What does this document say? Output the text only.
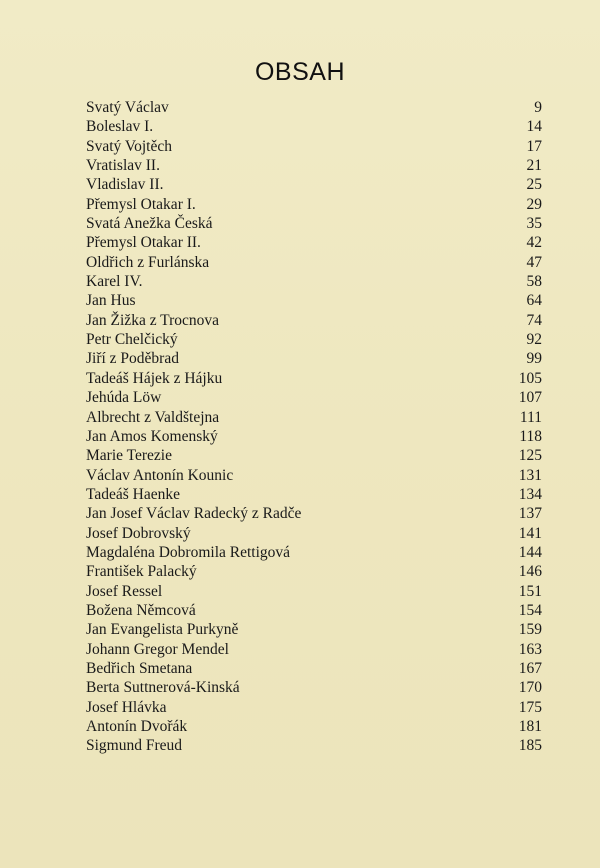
OBSAH
Svatý Václav	9
Boleslav I.	14
Svatý Vojtěch	17
Vratislav II.	21
Vladislav II.	25
Přemysl Otakar I.	29
Svatá Anežka Česká	35
Přemysl Otakar II.	42
Oldřich z Furlánska	47
Karel IV.	58
Jan Hus	64
Jan Žižka z Trocnova	74
Petr Chelčický	92
Jiří z Poděbrad	99
Tadeáš Hájek z Hájku	105
Jehúda Löw	107
Albrecht z Valdštejna	111
Jan Amos Komenský	118
Marie Terezie	125
Václav Antonín Kounic	131
Tadeáš Haenke	134
Jan Josef Václav Radecký z Radče	137
Josef Dobrovský	141
Magdaléna Dobromila Rettigová	144
František Palacký	146
Josef Ressel	151
Božena Němcová	154
Jan Evangelista Purkyně	159
Johann Gregor Mendel	163
Bedřich Smetana	167
Berta Suttnerová-Kinská	170
Josef Hlávka	175
Antonín Dvořák	181
Sigmund Freud	185
